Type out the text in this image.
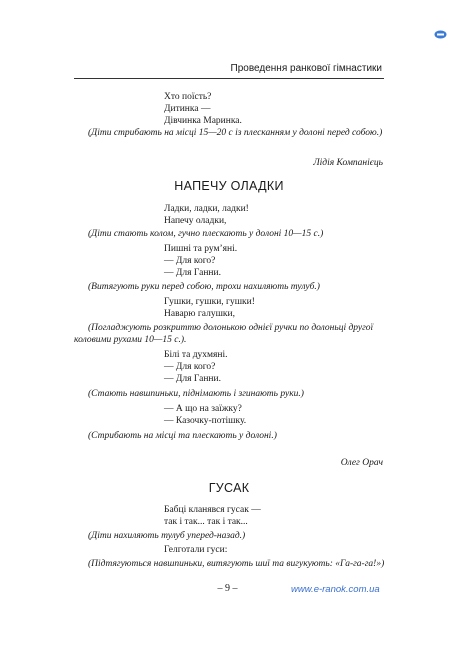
Проведення ранкової гімнастики
Хто поїсть?
Дитинка —
Дівчинка Маринка.
(Діти стрибають на місці 15—20 с із плесканням у долоні перед собою.)
Лідія Компанієць
НАПЕЧУ ОЛАДКИ
Ладки, ладки, ладки!
Напечу оладки,
(Діти стають колом, гучно плескають у долоні 10—15 с.)
Пишні та рум’яні.
— Для кого?
— Для Ганни.
(Витягують руки перед собою, трохи нахиляють тулуб.)
Гушки, гушки, гушки!
Наварю галушки,
(Погладжують розкриттю долонькою однієї ручки по долоньці другої
коловими рухами 10—15 с.).
Білі та духмяні.
— Для кого?
— Для Ганни.
(Стають навшпиньки, піднімають і згинають руки.)
— А що на заїжку?
— Казочку-потішку.
(Стрибають на місці та плескають у долоні.)
Олег Орач
ГУСАК
Бабці кланявся гусак —
так і так... так і так...
(Діти нахиляють тулуб уперед-назад.)
Гелготали гуси:
(Підтягуються навшпиньки, витягують шиї та вигукують: «Га-га-га!»)
– 9 –	www.e-ranok.com.ua
